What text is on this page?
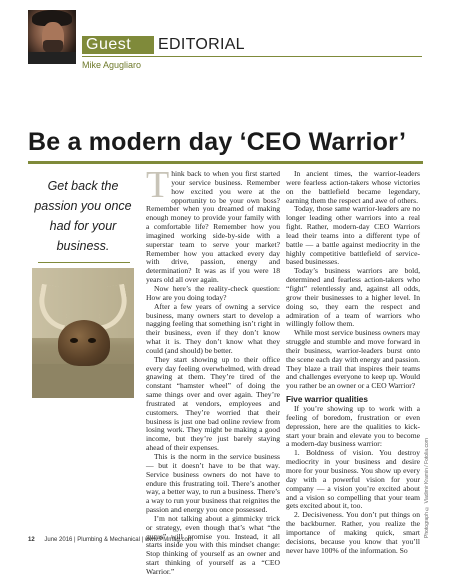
Guest	EDITORIAL
Mike Agugliaro
Be a modern day ‘CEO Warrior’
Get back the passion you once had for your business.

Think back to when you first started your service business. Remember how excited you were at the opportunity to be your own boss? Remember when you dreamed of making enough money to provide your family with a comfortable life? Remember how you imagined working side-by-side with a superstar team to serve your market? Remember how you attacked every day with drive, passion, energy and determination? It was as if you were 18 years old all over again.

Now here’s the reality-check question: How are you doing today?

After a few years of owning a service business, many owners start to develop a nagging feeling that something isn’t right in their business, even if they don’t know what it is. They don’t know what they could (and should) be better.

They start showing up to their office every day feeling overwhelmed, with dread gnawing at them. They’re tired of the constant “hamster wheel” of doing the same things over and over again. They’re frustrated at vendors, employees and customers. They’re worried that their business is just one bad online review from losing work. They might be making a good income, but they’re just barely staying ahead of their expenses.

This is the norm in the service business — but it doesn’t have to be that way. Service business owners do not have to endure this frustrating toil. There’s another way, a better way, to run a business. There’s a way to run your business that reignites the passion and energy you once possessed.

I’m not talking about a gimmicky trick or strategy, even though that’s what “the gurus” will promise you. Instead, it all starts inside you with this mindset change: Stop thinking of yourself as an owner and start thinking of yourself as a “CEO Warrior.”

In ancient times, the warrior-leaders were fearless action-takers whose victories on the battlefield became legendary, earning them the respect and awe of others.

Today, those same warrior-leaders are no longer leading other warriors into a real fight. Rather, modern-day CEO Warriors lead their teams into a different type of battle — a battle against mediocrity in the highly competitive battlefield of service-based businesses.

Today’s business warriors are bold, determined and fearless action-takers who “fight” relentlessly and, against all odds, grow their businesses to a higher level. In doing so, they earn the respect and admiration of a team of warriors who willingly follow them.

While most service business owners may struggle and stumble and move forward in their business, warrior-leaders burst onto the scene each day with energy and passion. They blaze a trail that inspires their teams and challenges everyone to keep up. Would you rather be an owner or a CEO Warrior?

Five warrior qualities

If you’re showing up to work with a feeling of boredom, frustration or even depression, here are the qualities to kick-start your brain and elevate you to become a modern-day business warrior:

1. Boldness of vision. You destroy mediocrity in your business and desire more for your business. You show up every day with a powerful vision for your company — a vision you’re excited about and a vision so compelling that your team gets excited about it, too.

2. Decisiveness. You don’t put things on the backburner. Rather, you realize the importance of making quick, smart decisions, because you know that you’ll never have 100% of the information. So

Photograph © Vladimir Kramin / Fotolia.com
12 June 2016 | Plumbing & Mechanical | www.PMmag.com
